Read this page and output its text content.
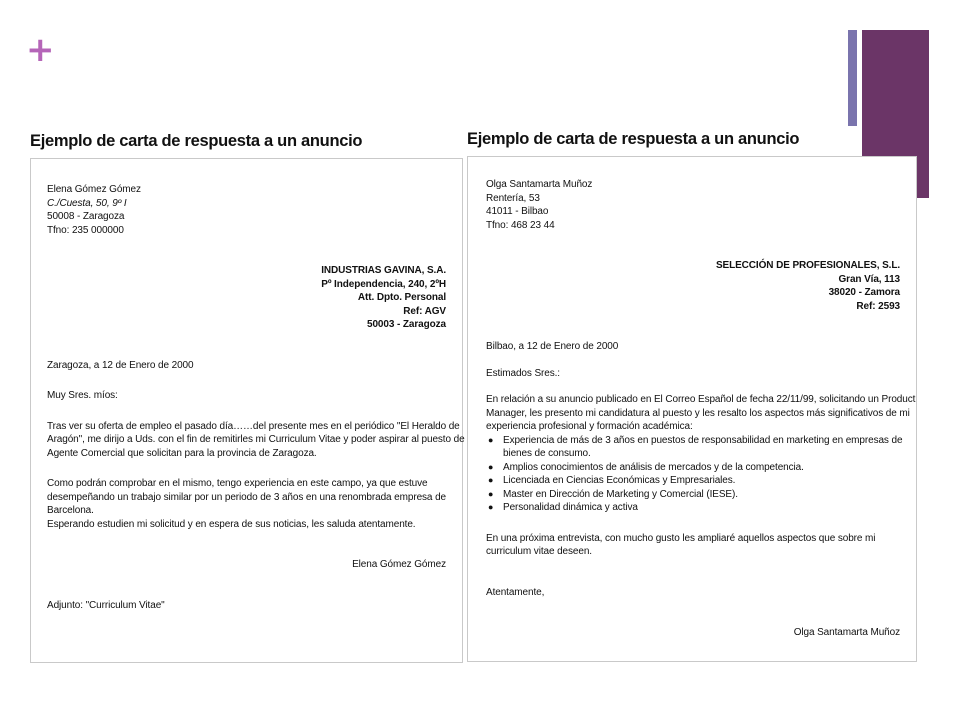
+
Ejemplo de carta de respuesta a un anuncio
Elena Gómez Gómez
C./Cuesta, 50, 9º I
50008 - Zaragoza
Tfno: 235 000000
INDUSTRIAS GAVINA, S.A.
Pº Independencia, 240, 2ºH
Att. Dpto. Personal
Ref: AGV
50003 - Zaragoza
Zaragoza, a 12 de Enero de 2000
Muy Sres. míos:
Tras ver su oferta de empleo el pasado día……del presente mes en el periódico "El Heraldo de
Aragón", me dirijo a Uds. con el fin de remitirles mi Curriculum Vitae y poder aspirar al puesto de
Agente Comercial que solicitan para la provincia de Zaragoza.
Como podrán comprobar en el mismo, tengo experiencia en este campo, ya que estuve
desempeñando un trabajo similar por un periodo de 3 años en una renombrada empresa de
Barcelona.
Esperando estudien mi solicitud y en espera de sus noticias, les saluda atentamente.
Elena Gómez Gómez
Adjunto: "Curriculum Vitae"
Ejemplo de carta de respuesta a un anuncio
Olga Santamarta Muñoz
Rentería, 53
41011 - Bilbao
Tfno: 468 23 44
SELECCIÓN DE PROFESIONALES, S.L.
Gran Vía, 113
38020 - Zamora
Ref: 2593
Bilbao, a 12 de Enero de 2000
Estimados Sres.:
En relación a su anuncio publicado en El Correo Español de fecha 22/11/99, solicitando un Product
Manager, les presento mi candidatura al puesto y les resalto los aspectos más significativos de mi
experiencia profesional y formación académica:
● Experiencia de más de 3 años en puestos de responsabilidad en marketing en empresas de
bienes de consumo.
● Amplios conocimientos de análisis de mercados y de la competencia.
● Licenciada en Ciencias Económicas y Empresariales.
● Master en Dirección de Marketing y Comercial (IESE).
● Personalidad dinámica y activa
En una próxima entrevista, con mucho gusto les ampliaré aquellos aspectos que sobre mi
curriculum vitae deseen.
Atentamente,
Olga Santamarta Muñoz
